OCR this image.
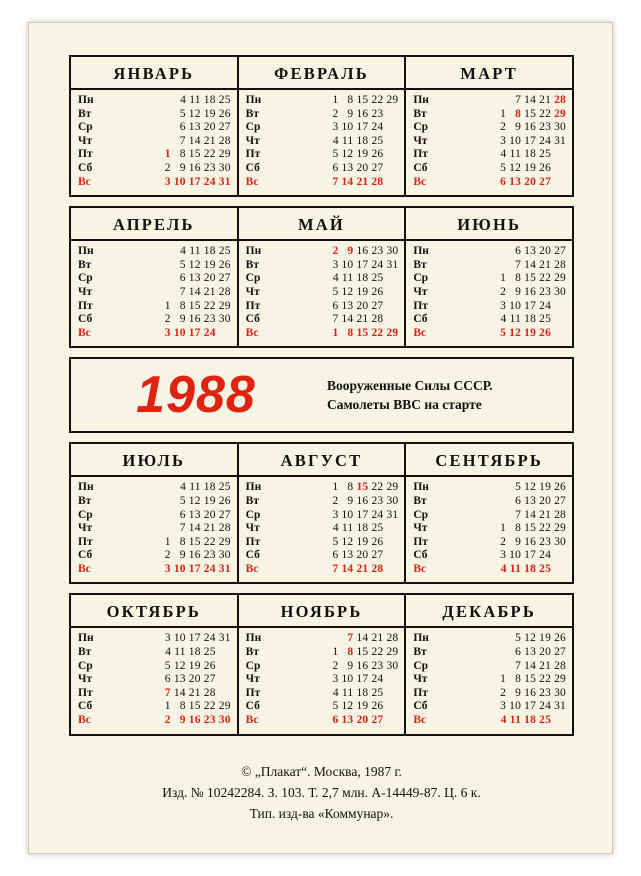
ЯНВАРЬ
Пн
Вт
Ср
Чт
Пт
Сб
Вс
    4 11 18 25
    5 12 19 26
    6 13 20 27
    7 14 21 28
 1  8 15 22 29
 2  9 16 23 30
 3 10 17 24 31
ФЕВРАЛЬ
Пн
Вт
Ср
Чт
Пт
Сб
Вс
 1  8 15 22 29
 2  9 16 23   
 3 10 17 24   
 4 11 18 25   
 5 12 19 26   
 6 13 20 27   
 7 14 21 28   
МАРТ
Пн
Вт
Ср
Чт
Пт
Сб
Вс
    7 14 21 28
 1  8 15 22 29
 2  9 16 23 30
 3 10 17 24 31
 4 11 18 25   
 5 12 19 26   
 6 13 20 27   
АПРЕЛЬ
Пн
Вт
Ср
Чт
Пт
Сб
Вс
    4 11 18 25
    5 12 19 26
    6 13 20 27
    7 14 21 28
 1  8 15 22 29
 2  9 16 23 30
 3 10 17 24   
МАЙ
Пн
Вт
Ср
Чт
Пт
Сб
Вс
 2  9 16 23 30
 3 10 17 24 31
 4 11 18 25   
 5 12 19 26   
 6 13 20 27   
 7 14 21 28   
 1  8 15 22 29
ИЮНЬ
Пн
Вт
Ср
Чт
Пт
Сб
Вс
    6 13 20 27
    7 14 21 28
 1  8 15 22 29
 2  9 16 23 30
 3 10 17 24   
 4 11 18 25   
 5 12 19 26   
1988	Вооруженные Силы СССР.
Самолеты ВВС на старте
ИЮЛЬ
Пн
Вт
Ср
Чт
Пт
Сб
Вс
    4 11 18 25
    5 12 19 26
    6 13 20 27
    7 14 21 28
 1  8 15 22 29
 2  9 16 23 30
 3 10 17 24 31
АВГУСТ
Пн
Вт
Ср
Чт
Пт
Сб
Вс
 1  8 15 22 29
 2  9 16 23 30
 3 10 17 24 31
 4 11 18 25   
 5 12 19 26   
 6 13 20 27   
 7 14 21 28   
СЕНТЯБРЬ
Пн
Вт
Ср
Чт
Пт
Сб
Вс
    5 12 19 26
    6 13 20 27
    7 14 21 28
 1  8 15 22 29
 2  9 16 23 30
 3 10 17 24   
 4 11 18 25   
ОКТЯБРЬ
Пн
Вт
Ср
Чт
Пт
Сб
Вс
 3 10 17 24 31
 4 11 18 25   
 5 12 19 26   
 6 13 20 27   
 7 14 21 28   
 1  8 15 22 29
 2  9 16 23 30
НОЯБРЬ
Пн
Вт
Ср
Чт
Пт
Сб
Вс
    7 14 21 28
 1  8 15 22 29
 2  9 16 23 30
 3 10 17 24   
 4 11 18 25   
 5 12 19 26   
 6 13 20 27   
ДЕКАБРЬ
Пн
Вт
Ср
Чт
Пт
Сб
Вс
    5 12 19 26
    6 13 20 27
    7 14 21 28
 1  8 15 22 29
 2  9 16 23 30
 3 10 17 24 31
 4 11 18 25   
© „Плакат“. Москва, 1987 г.
Изд. № 10242284. З. 103. Т. 2,7 млн. А-14449-87. Ц. 6 к.
Тип. изд-ва «Коммунар».
